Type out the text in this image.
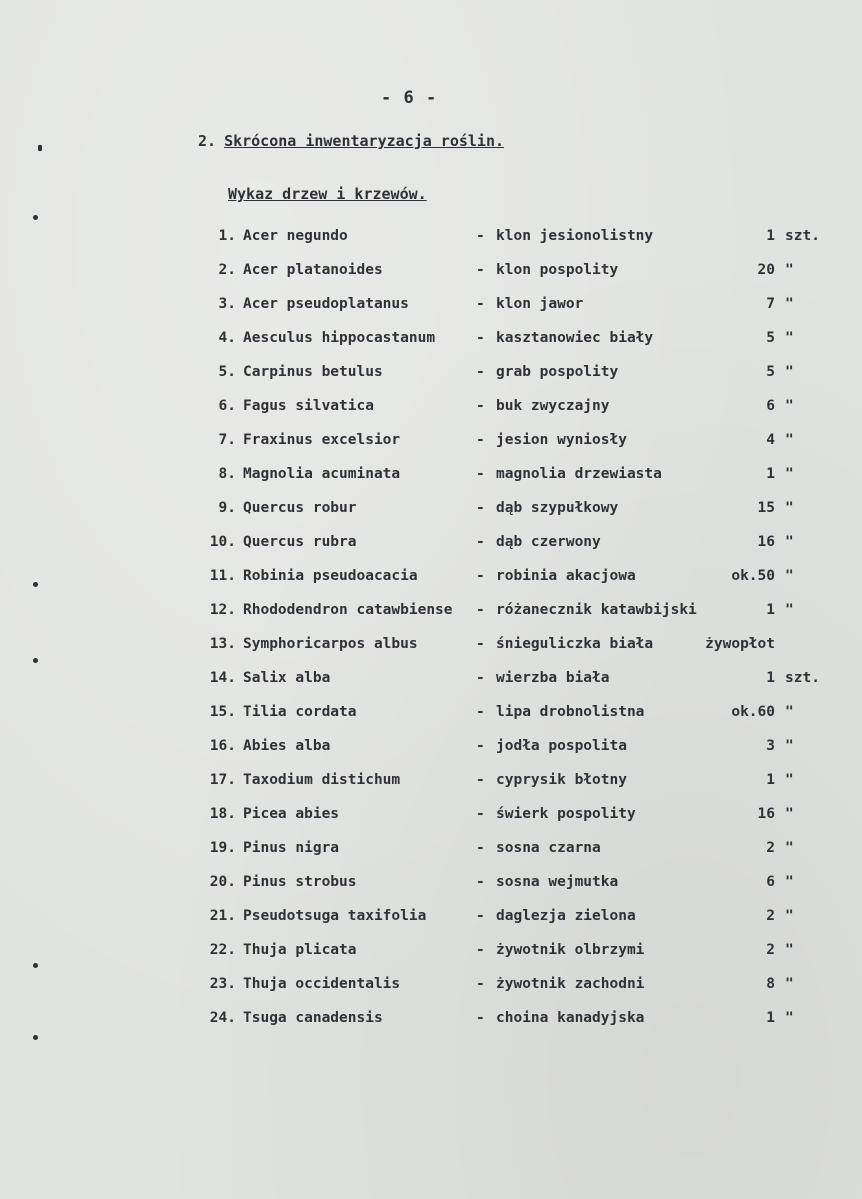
- 6 -
2. Skrócona inwentaryzacja roślin.
Wykaz drzew i krzewów.
1. Acer negundo	- klon jesionolistny	1 szt.
2. Acer platanoides	- klon pospolity	20 "
3. Acer pseudoplatanus	- klon jawor	7 "
4. Aesculus hippocastanum	- kasztanowiec biały	5 "
5. Carpinus betulus	- grab pospolity	5 "
6. Fagus silvatica	- buk zwyczajny	6 "
7. Fraxinus excelsior	- jesion wyniosły	4 "
8. Magnolia acuminata	- magnolia drzewiasta	1 "
9. Quercus robur	- dąb szypułkowy	15 "
10. Quercus rubra	- dąb czerwony	16 "
11. Robinia pseudoacacia	- robinia akacjowa	ok.50 "
12. Rhododendron catawbiense - różanecznik katawbijski	1 "
13. Symphoricarpos albus	- śnieguliczka biała	żywopłot
14. Salix alba	- wierzba biała	1 szt.
15. Tilia cordata	- lipa drobnolistna	ok.60 "
16. Abies alba	- jodła pospolita	3 "
17. Taxodium distichum	- cyprysik błotny	1 "
18. Picea abies	- świerk pospolity	16 "
19. Pinus nigra	- sosna czarna	2 "
20. Pinus strobus	- sosna wejmutka	6 "
21. Pseudotsuga taxifolia	- daglezja zielona	2 "
22. Thuja plicata	- żywotnik olbrzymi	2 "
23. Thuja occidentalis	- żywotnik zachodni	8 "
24. Tsuga canadensis	- choina kanadyjska	1 "
